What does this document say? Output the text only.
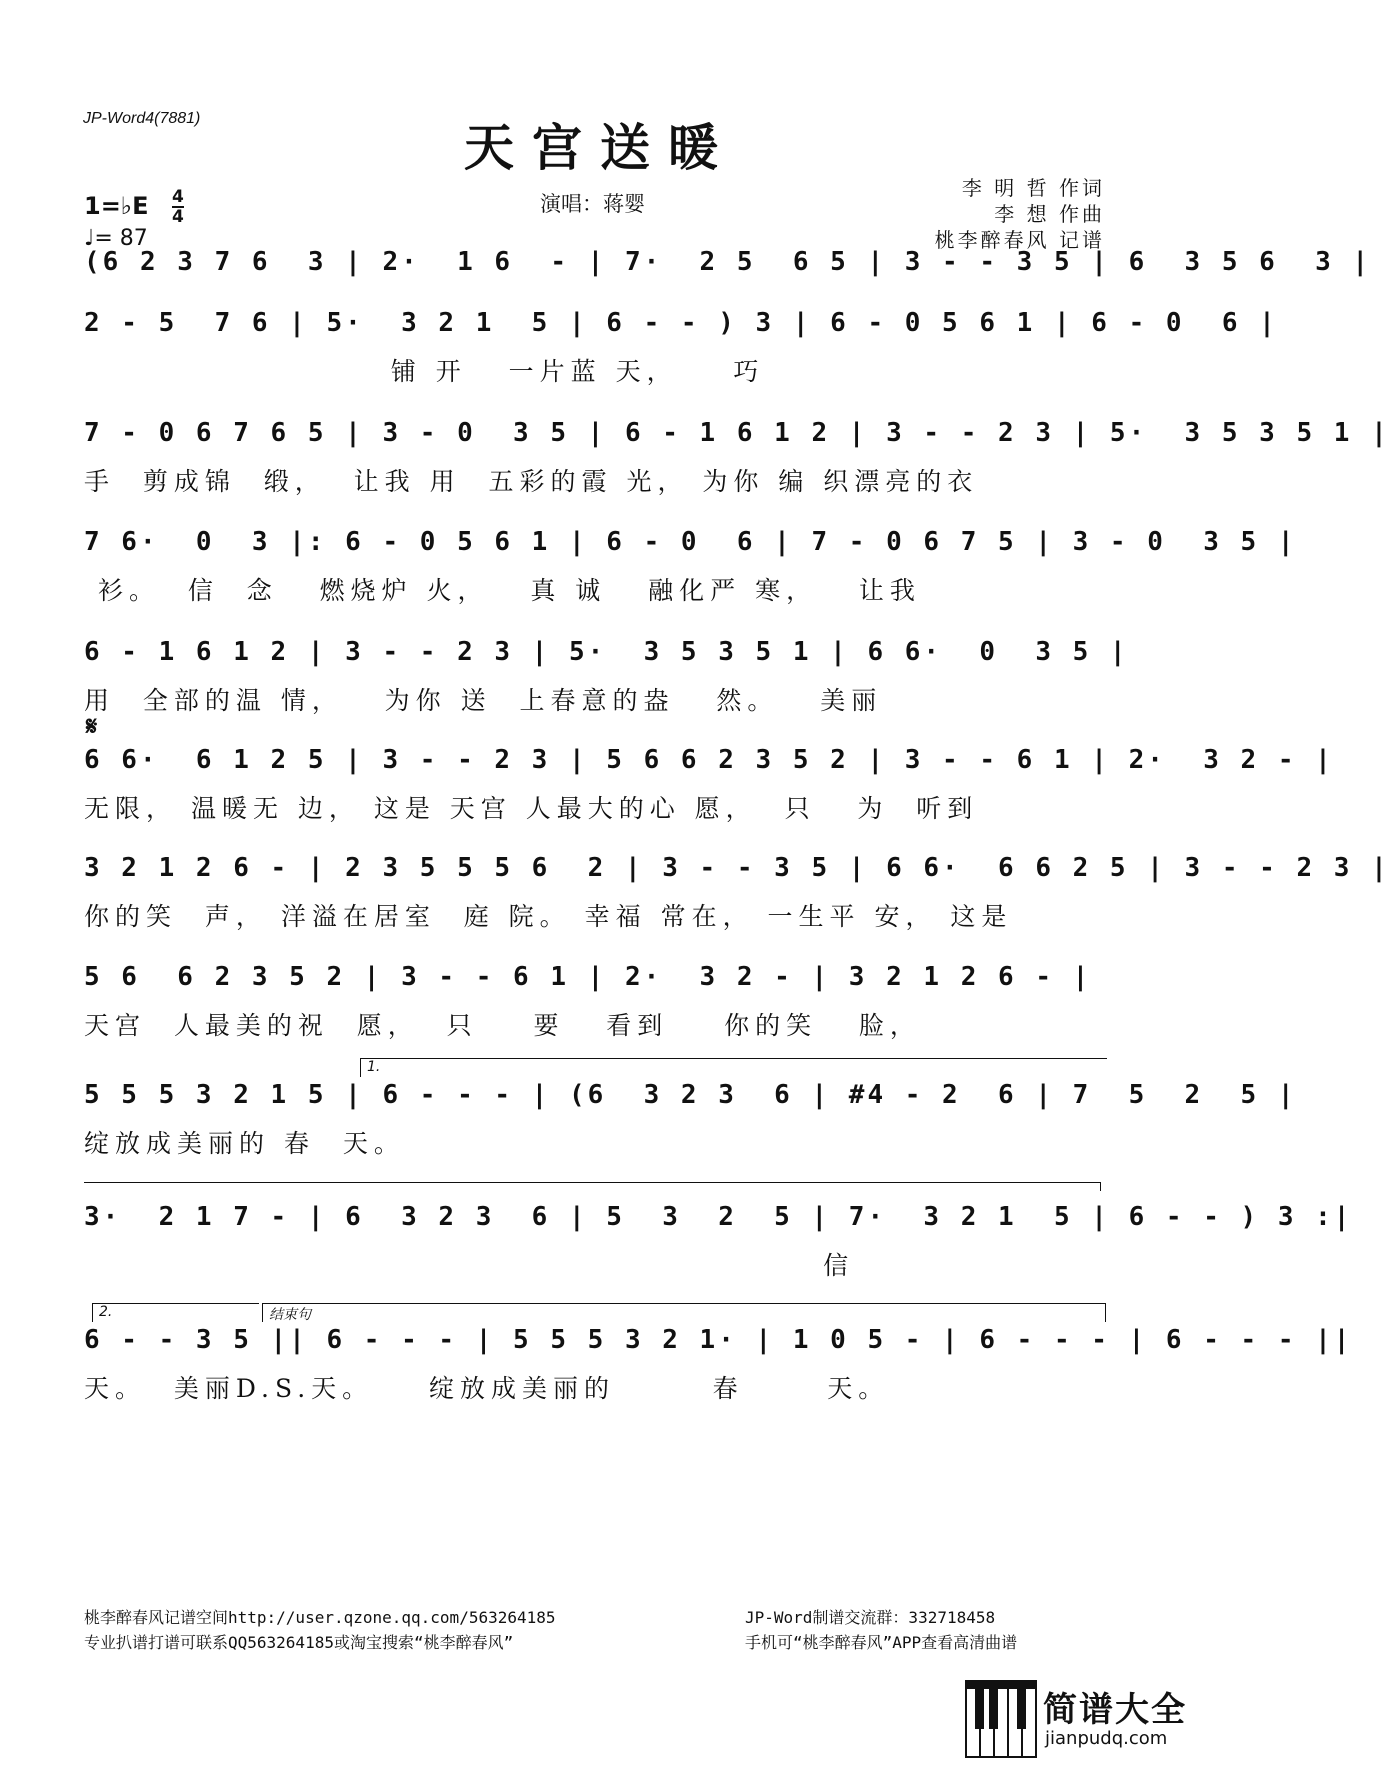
JP-Word4(7881)	天宫送暖
演唱：蒋婴
李 明 哲 作词
李 想 作曲
桃李醉春风 记谱
1=♭E 4
4
♩= 87
(6 2 3 7 6  3 | 2·  1 6  - | 7·  2 5  6 5 | 3 - - 3 5 | 6  3 5 6  3 |
2 - 5  7 6 | 5·  3 2 1  5 | 6 - - ) 3 | 6 - 0 5 6 1 | 6 - 0  6 |
铺 开   一片蓝 天，    巧
7 - 0 6 7 6 5 | 3 - 0  3 5 | 6 - 1 6 1 2 | 3 - - 2 3 | 5·  3 5 3 5 1 |
手  剪成锦  缎，  让我 用  五彩的霞 光， 为你 编 织漂亮的衣
7 6·  0  3 |: 6 - 0 5 6 1 | 6 - 0  6 | 7 - 0 6 7 5 | 3 - 0  3 5 |
衫。  信  念   燃烧炉 火，   真 诚   融化严 寒，   让我
6 - 1 6 1 2 | 3 - - 2 3 | 5·  3 5 3 5 1 | 6 6·  0  3 5 |
用  全部的温 情，   为你 送  上春意的盎   然。   美丽
𝄋
6 6·  6 1 2 5 | 3 - - 2 3 | 5 6 6 2 3 5 2 | 3 - - 6 1 | 2·  3 2 - |
无限， 温暖无 边， 这是 天宫 人最大的心 愿，  只   为  听到
3 2 1 2 6 - | 2 3 5 5 5 6  2 | 3 - - 3 5 | 6 6·  6 6 2 5 | 3 - - 2 3 |
你的笑  声， 洋溢在居室  庭 院。 幸福 常在， 一生平 安， 这是
5 6  6 2 3 5 2 | 3 - - 6 1 | 2·  3 2 - | 3 2 1 2 6 - |
天宫  人最美的祝  愿，  只    要   看到    你的笑   脸，
1.
5 5 5 3 2 1 5 | 6 - - - | (6  3 2 3  6 | #4 - 2  6 | 7  5  2  5 |
绽放成美丽的 春  天。
3·  2 1 7 - | 6  3 2 3  6 | 5  3  2  5 | 7·  3 2 1  5 | 6 - - ) 3 :|
信
2.	结束句
6 - - 3 5 || 6 - - - | 5 5 5 3 2 1· | 1 0 5 - | 6 - - - | 6 - - - ||
天。  美丽D.S.天。    绽放成美丽的       春      天。
桃李醉春风记谱空间http://user.qzone.qq.com/563264185
专业扒谱打谱可联系QQ563264185或淘宝搜索“桃李醉春风”
JP-Word制谱交流群：332718458
手机可“桃李醉春风”APP查看高清曲谱
简谱大全
jianpudq.com
